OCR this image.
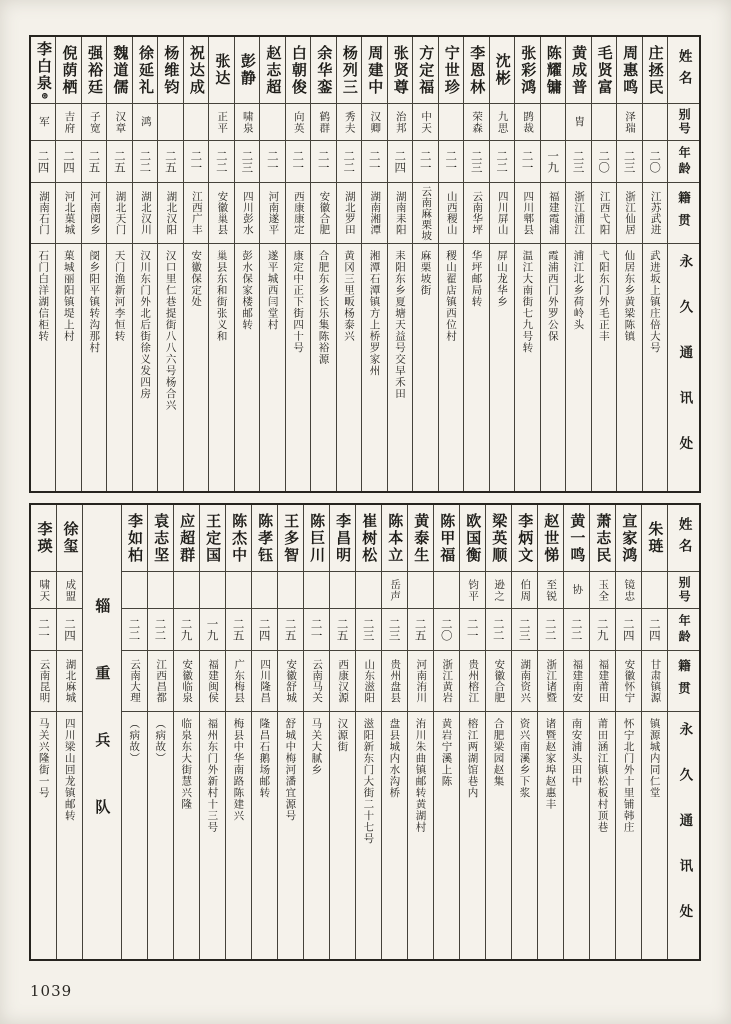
姓名
别号
年龄
籍贯
永久通讯处
庄拯民
二〇
江苏武进
武进坂上镇庄倍大号
周惠鸣
泽瑞
二三
浙江仙居
仙居东乡黄梁陈镇
毛贤富
二〇
江西弋阳
弋阳东门外毛正丰
黄成普
胄
二三
浙江浦江
浦江北乡荷岭头
陈耀镛
一九
福建霞浦
霞浦西门外罗公保
张彩鸿
鹍裁
二一
四川郫县
温江大南街七九号转
沈彬
九思
二二
四川屏山
屏山龙华乡
李恩林
荣森
二三
云南华坪
华坪邮局转
宁世珍
二一
山西稷山
稷山翟店镇西位村
方定福
中天
二一
云南麻栗坡
麻栗坡街
张贤尊
治邦
二四
湖南耒阳
耒阳东乡夏塘天益号交早禾田
周建中
汉卿
二一
湖南湘潭
湘潭石潭镇方上桥罗家州
杨列三
秀夫
二二
湖北罗田
黄冈三里畈杨泰兴
余华銮
鹤群
二一
安徽合肥
合肥东乡长乐集陈裕源
白朝俊
向英
二一
西康康定
康定中正下街四十号
赵志超
二一
河南遂平
遂平城西闫堂村
彭静
啸泉
二三
四川彭水
彭水保家楼邮转
张达
正平
二二
安徽巢县
巢县东和街张义和
祝达成
二一
江西广丰
安徽保定处
杨维钧
二五
湖北汉阳
汉口里仁巷提街八八六号杨合兴
徐延礼
鸿
二二
湖北汉川
汉川东门外北后街徐义发四房
魏道儒
汉章
二五
湖北天门
天门渔新河李恒转
强裕廷
子宽
二五
河南阌乡
阌乡阳平镇转沟那村
倪荫栖
吉府
二四
河北菓城
菓城丽阳镇堤上村
李白泉⊛
军
二四
湖南石门
石门白洋湖信柜转
姓名
别号
年龄
籍贯
永久通讯处
朱琏
二四
甘肃镇源
镇源城内同仁堂
宣家鸿
镜忠
二四
安徽怀宁
怀宁北门外十里铺韩庄
萧志民
玉全
二九
福建莆田
莆田涵江镇松板村顶巷
黄一鸣
协
二二
福建南安
南安浦头田中
赵世悌
至锐
二二
浙江诸暨
诸暨赵家埠赵惠丰
李炳文
伯周
二三
湖南资兴
资兴南溪乡下浆
梁英顺
逊之
二二
安徽合肥
合肥梁园赵集
欧国衡
钧平
二一
贵州榕江
榕江两湖馆巷内
陈甲福
二〇
浙江黄岩
黄岩宁溪上陈
黄泰生
二五
河南洧川
洧川朱曲镇邮转黄湖村
陈本立
岳声
二三
贵州盘县
盘县城内水沟桥
崔树松
二三
山东滋阳
滋阳新东门大街二十七号
李昌明
二五
西康汉源
汉源街
陈巨川
二一
云南马关
马关大腻乡
王多智
二五
安徽舒城
舒城中梅河潘宜源号
陈孝钰
二四
四川隆昌
隆昌石鹅场邮转
陈杰中
二五
广东梅县
梅县中华南路陈建兴
王定国
一九
福建闽侯
福州东门外新村十三号
应超群
二九
安徽临泉
临泉东大街慧兴隆
袁志坚
二二
江西昌都
（病故）
李如柏
二二
云南大理
（病故）
辎重兵队
徐玺
成盟
二四
湖北麻城
四川梁山回龙镇邮转
李瑛
啸天
二一
云南昆明
马关兴隆街一号
1039
